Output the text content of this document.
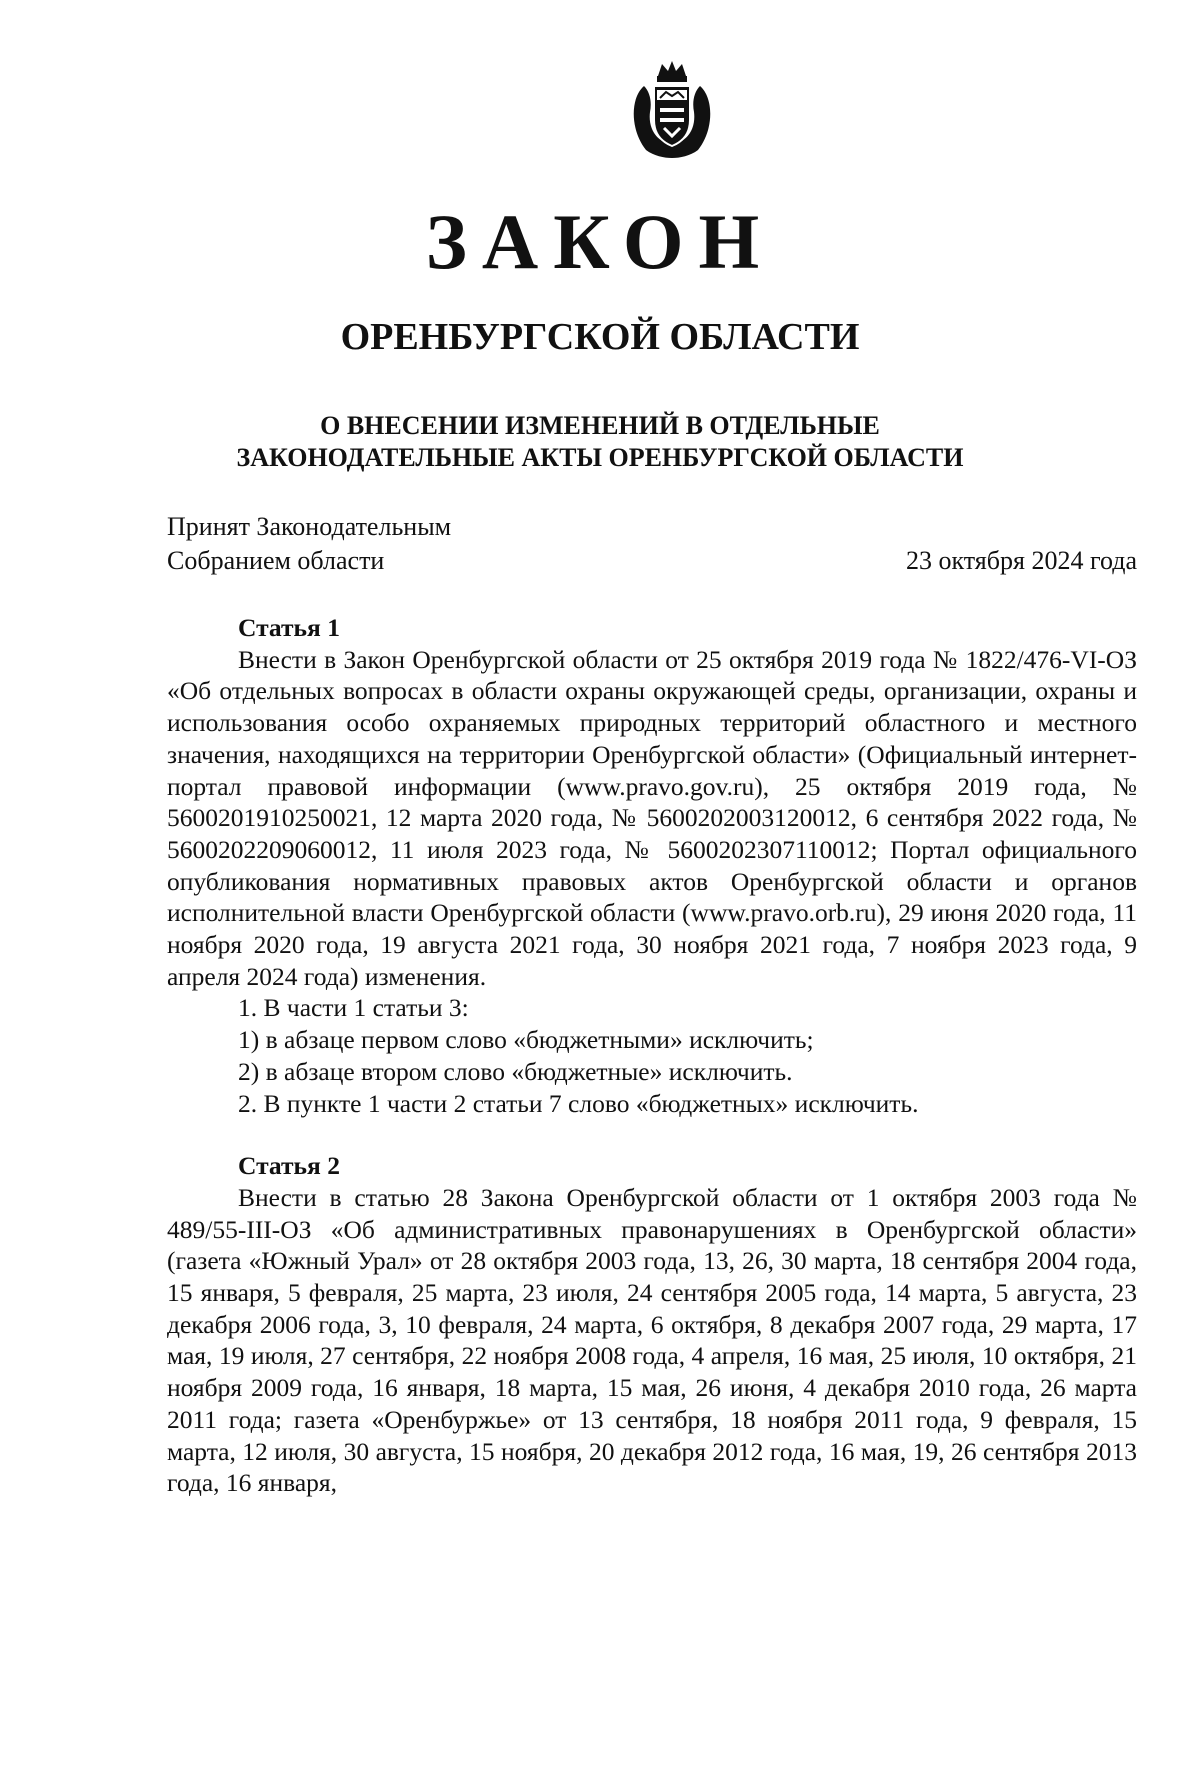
ЗАКОН
ОРЕНБУРГСКОЙ ОБЛАСТИ
О ВНЕСЕНИИ ИЗМЕНЕНИЙ В ОТДЕЛЬНЫЕ
ЗАКОНОДАТЕЛЬНЫЕ АКТЫ ОРЕНБУРГСКОЙ ОБЛАСТИ
Принят Законодательным
Собранием области	23 октября 2024 года
Статья 1

Внести в Закон Оренбургской области от 25 октября 2019 года № 1822/476-VI-ОЗ «Об отдельных вопросах в области охраны окружающей среды, организации, охраны и использования особо охраняемых природных территорий областного и местного значения, находящихся на территории Оренбургской области» (Официальный интернет-портал правовой информации (www.pravo.gov.ru), 25 октября 2019 года, № 5600201910250021, 12 марта 2020 года, № 5600202003120012, 6 сентября 2022 года, № 5600202209060012, 11 июля 2023 года, № 5600202307110012; Портал официального опубликования нормативных правовых актов Оренбургской области и органов исполнительной власти Оренбургской области (www.pravo.orb.ru), 29 июня 2020 года, 11 ноября 2020 года, 19 августа 2021 года, 30 ноября 2021 года, 7 ноября 2023 года, 9 апреля 2024 года) изменения.

1. В части 1 статьи 3:

1) в абзаце первом слово «бюджетными» исключить;

2) в абзаце втором слово «бюджетные» исключить.

2. В пункте 1 части 2 статьи 7 слово «бюджетных» исключить.

Статья 2

Внести в статью 28 Закона Оренбургской области от 1 октября 2003 года № 489/55-III-ОЗ «Об административных правонарушениях в Оренбургской области» (газета «Южный Урал» от 28 октября 2003 года, 13, 26, 30 марта, 18 сентября 2004 года, 15 января, 5 февраля, 25 марта, 23 июля, 24 сентября 2005 года, 14 марта, 5 августа, 23 декабря 2006 года, 3, 10 февраля, 24 марта, 6 октября, 8 декабря 2007 года, 29 марта, 17 мая, 19 июля, 27 сентября, 22 ноября 2008 года, 4 апреля, 16 мая, 25 июля, 10 октября, 21 ноября 2009 года, 16 января, 18 марта, 15 мая, 26 июня, 4 декабря 2010 года, 26 марта 2011 года; газета «Оренбуржье» от 13 сентября, 18 ноября 2011 года, 9 февраля, 15 марта, 12 июля, 30 августа, 15 ноября, 20 декабря 2012 года, 16 мая, 19, 26 сентября 2013 года, 16 января,
